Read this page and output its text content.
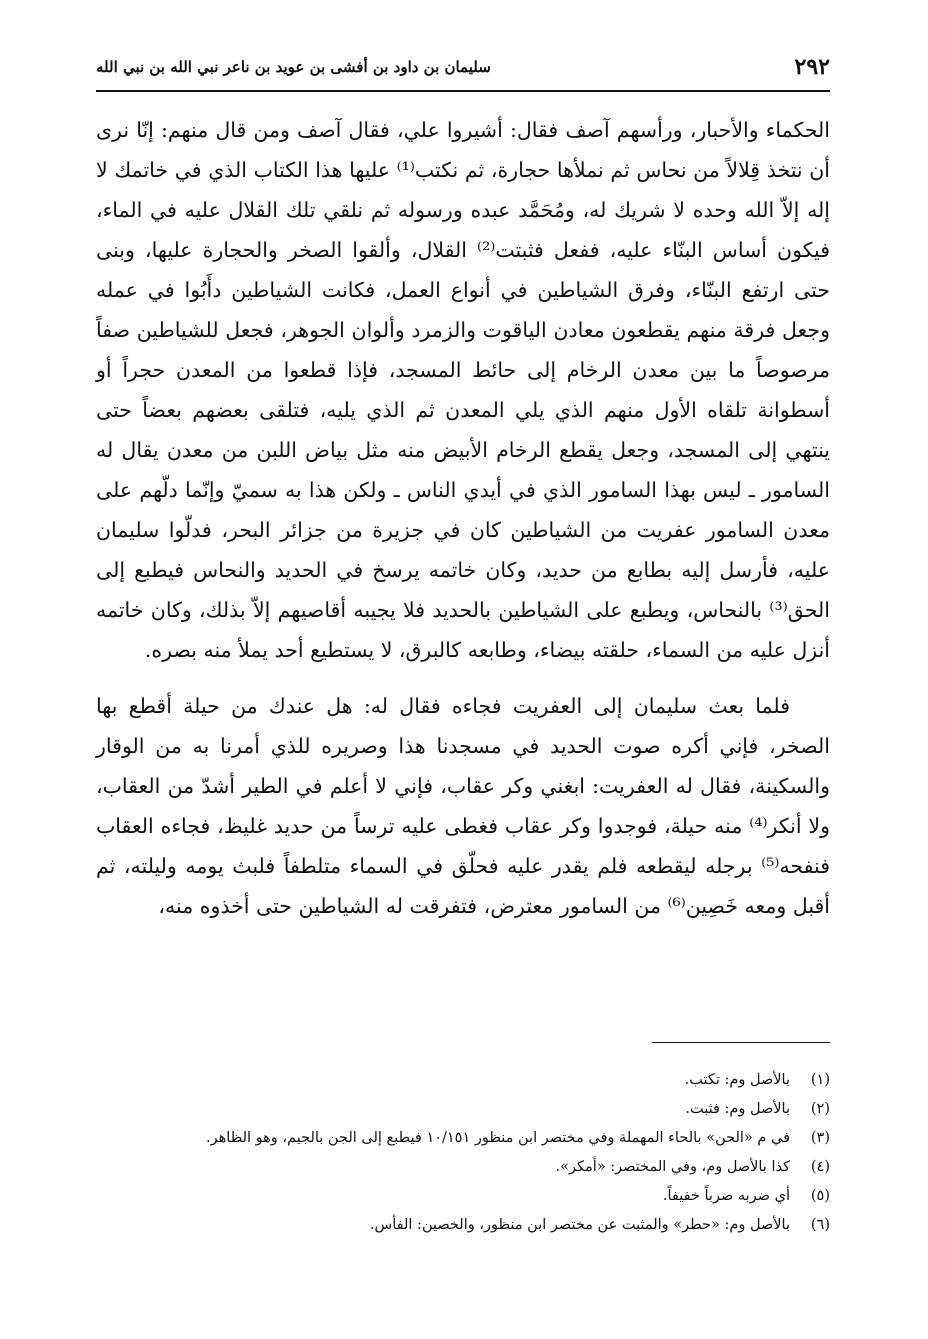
٢٩٢
سليمان بن داود بن أفشى بن عويد بن ناعر نبي الله بن نبي الله

الحكماء والأحبار، ورأسهم آصف فقال: أشيروا علي، فقال آصف ومن قال منهم: إنّا نرى أن نتخذ قِلالاً من نحاس ثم نملأها حجارة، ثم نكتب⁽¹⁾ عليها هذا الكتاب الذي في خاتمك لا إله إلاّ الله وحده لا شريك له، ومُحَمَّد عبده ورسوله ثم نلقي تلك القلال عليه في الماء، فيكون أساس البنّاء عليه، ففعل فثبتت⁽²⁾ القلال، وألقوا الصخر والحجارة عليها، وبنى حتى ارتفع البنّاء، وفرق الشياطين في أنواع العمل، فكانت الشياطين دأَبُوا في عمله وجعل فرقة منهم يقطعون معادن الياقوت والزمرد وألوان الجوهر، فجعل للشياطين صفاً مرصوصاً ما بين معدن الرخام إلى حائط المسجد، فإذا قطعوا من المعدن حجراً أو أسطوانة تلقاه الأول منهم الذي يلي المعدن ثم الذي يليه، فتلقى بعضهم بعضاً حتى ينتهي إلى المسجد، وجعل يقطع الرخام الأبيض منه مثل بياض اللبن من معدن يقال له السامور ـ ليس بهذا السامور الذي في أيدي الناس ـ ولكن هذا به سميّ وإنّما دلّهم على معدن السامور عفريت من الشياطين كان في جزيرة من جزائر البحر، فدلّوا سليمان عليه، فأرسل إليه بطابع من حديد، وكان خاتمه يرسخ في الحديد والنحاس فيطبع إلى الحق⁽³⁾ بالنحاس، ويطبع على الشياطين بالحديد فلا يجيبه أقاصيهم إلاّ بذلك، وكان خاتمه أنزل عليه من السماء، حلقته بيضاء، وطابعه كالبرق، لا يستطيع أحد يملأ منه بصره.

فلما بعث سليمان إلى العفريت فجاءه فقال له: هل عندك من حيلة أقطع بها الصخر، فإني أكره صوت الحديد في مسجدنا هذا وصريره للذي أمرنا به من الوقار والسكينة، فقال له العفريت: ابغني وكر عقاب، فإني لا أعلم في الطير أشدّ من العقاب، ولا أنكر⁽⁴⁾ منه حيلة، فوجدوا وكر عقاب فغطى عليه ترساً من حديد غليظ، فجاءه العقاب فنفحه⁽⁵⁾ برجله ليقطعه فلم يقدر عليه فحلّق في السماء متلطفاً فلبث يومه وليلته، ثم أقبل ومعه خَصِين⁽⁶⁾ من السامور معترض، فتفرقت له الشياطين حتى أخذوه منه،

(١)بالأصل وم: تكتب.
(٢)بالأصل وم: فثبت.
(٣)في م «الحن» بالحاء المهملة وفي مختصر ابن منظور ١٠/١٥١ فيطبع إلى الجن بالجيم، وهو الظاهر.
(٤)كذا بالأصل وم، وفي المختصر: «أمكر».
(٥)أي ضربه ضرباً خفيفاً.
(٦)بالأصل وم: «حطر» والمثبت عن مختصر ابن منظور، والخصين: الفأس.
